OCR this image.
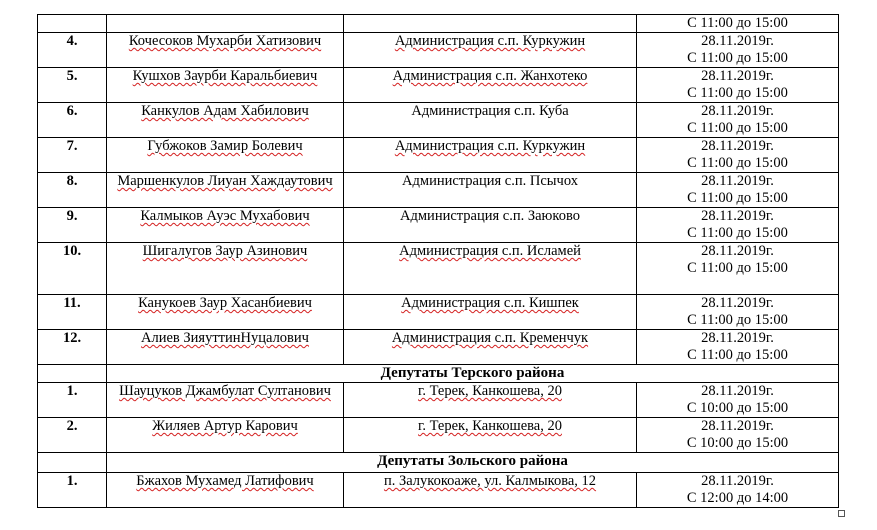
			С 11:00 до 15:00

4.	Кочесоков Мухарби Хатизович	Администрация с.п. Куркужин	28.11.2019г.
С 11:00 до 15:00

5.	Кушхов Заурби Каральбиевич	Администрация с.п. Жанхотеко	28.11.2019г.
С 11:00 до 15:00

6.	Канкулов Адам Хабилович	Администрация с.п. Куба	28.11.2019г.
С 11:00 до 15:00

7.	Губжоков Замир Болевич	Администрация с.п. Куркужин	28.11.2019г.
С 11:00 до 15:00

8.	Маршенкулов Лиуан Хаждаутович	Администрация с.п. Псычох	28.11.2019г.
С 11:00 до 15:00

9.	Калмыков Ауэс Мухабович	Администрация с.п. Заюково	28.11.2019г.
С 11:00 до 15:00

10.	Шигалугов Заур Азинович	Администрация с.п. Исламей	28.11.2019г.
С 11:00 до 15:00

11.	Канукоев Заур Хасанбиевич	Администрация с.п. Кишпек	28.11.2019г.
С 11:00 до 15:00

12.	Алиев ЗияуттинНуцалович	Администрация с.п. Кременчук	28.11.2019г.
С 11:00 до 15:00

	Депутаты Терского района		
1.	Шауцуков Джамбулат Султанович	г. Терек, Канкошева, 20	28.11.2019г.
С 10:00 до 15:00

2.	Жиляев Артур Карович	г. Терек, Канкошева, 20	28.11.2019г.
С 10:00 до 15:00

	Депутаты Зольского района		
1.	Бжахов Мухамед Латифович	п. Залукокоаже, ул. Калмыкова, 12	28.11.2019г.
С 12:00 до 14:00
